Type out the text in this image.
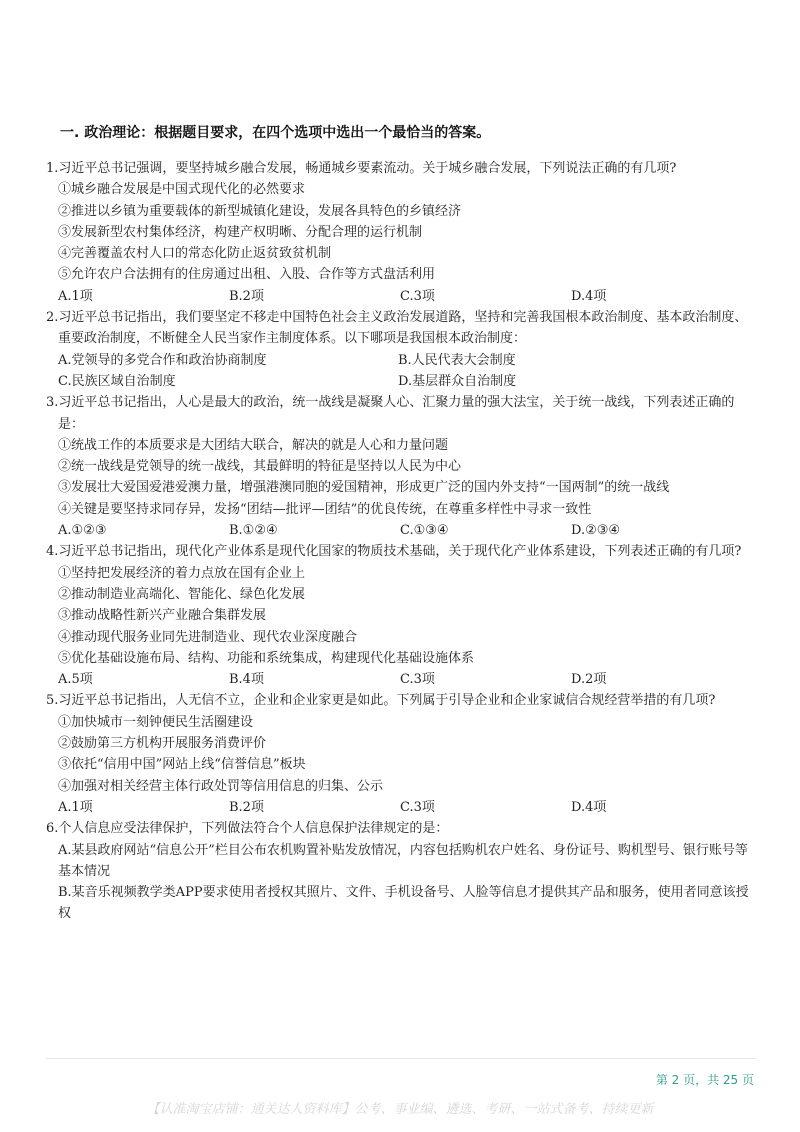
一. 政治理论：根据题目要求，在四个选项中选出一个最恰当的答案。
1.习近平总书记强调，要坚持城乡融合发展，畅通城乡要素流动。关于城乡融合发展，下列说法正确的有几项?
①城乡融合发展是中国式现代化的必然要求
②推进以乡镇为重要载体的新型城镇化建设，发展各具特色的乡镇经济
③发展新型农村集体经济，构建产权明晰、分配合理的运行机制
④完善覆盖农村人口的常态化防止返贫致贫机制
⑤允许农户合法拥有的住房通过出租、入股、合作等方式盘活利用
A.1项	B.2项	C.3项	D.4项
2.习近平总书记指出，我们要坚定不移走中国特色社会主义政治发展道路，坚持和完善我国根本政治制度、基本政治制度、重要政治制度，不断健全人民当家作主制度体系。以下哪项是我国根本政治制度：
A.党领导的多党合作和政治协商制度	B.人民代表大会制度
C.民族区域自治制度	D.基层群众自治制度
3.习近平总书记指出，人心是最大的政治，统一战线是凝聚人心、汇聚力量的强大法宝，关于统一战线，下列表述正确的是：
①统战工作的本质要求是大团结大联合，解决的就是人心和力量问题
②统一战线是党领导的统一战线，其最鲜明的特征是坚持以人民为中心
③发展壮大爱国爱港爱澳力量，增强港澳同胞的爱国精神，形成更广泛的国内外支持“一国两制”的统一战线
④关键是要坚持求同存异，发扬“团结—批评—团结”的优良传统，在尊重多样性中寻求一致性
A.①②③	B.①②④	C.①③④	D.②③④
4.习近平总书记指出，现代化产业体系是现代化国家的物质技术基础，关于现代化产业体系建设，下列表述正确的有几项?
①坚持把发展经济的着力点放在国有企业上
②推动制造业高端化、智能化、绿色化发展
③推动战略性新兴产业融合集群发展
④推动现代服务业同先进制造业、现代农业深度融合
⑤优化基础设施布局、结构、功能和系统集成，构建现代化基础设施体系
A.5项	B.4项	C.3项	D.2项
5.习近平总书记指出，人无信不立，企业和企业家更是如此。下列属于引导企业和企业家诚信合规经营举措的有几项?
①加快城市一刻钟便民生活圈建设
②鼓励第三方机构开展服务消费评价
③依托“信用中国”网站上线“信誉信息”板块
④加强对相关经营主体行政处罚等信用信息的归集、公示
A.1项	B.2项	C.3项	D.4项
6.个人信息应受法律保护，下列做法符合个人信息保护法律规定的是：
A.某县政府网站“信息公开”栏目公布农机购置补贴发放情况，内容包括购机农户姓名、身份证号、购机型号、银行账号等基本情况
B.某音乐视频教学类APP要求使用者授权其照片、文件、手机设备号、人脸等信息才提供其产品和服务，使用者同意该授权
第 2 页，共 25 页
【认准淘宝店铺：通关达人资料库】公考、事业编、遴选、考研、一站式备考、持续更新
